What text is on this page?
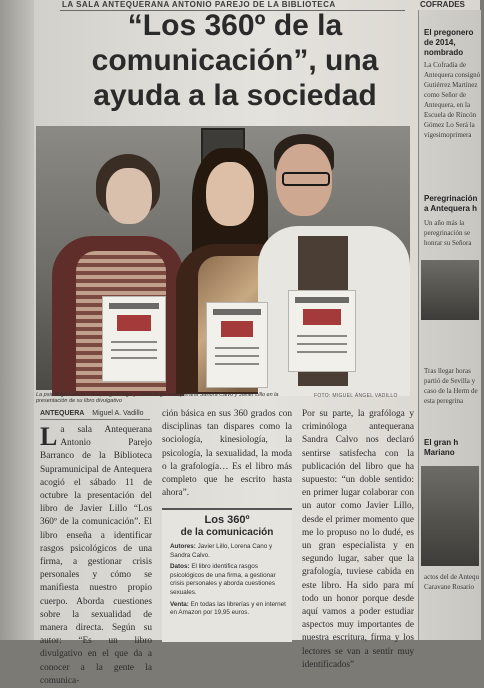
LA SALA ANTEQUERANA ANTONIO PAREJO DE LA BIBLIOTECA	COFRADES
“Los 360º de la
comunicación”, una
ayuda a la sociedad
La psicóloga Lorena Cano, la grafóloga y criminóloga antequerana Sandra Calvo y Javier Lillo en la presentación de su libro divulgativo
FOTO: MIGUEL ÁNGEL VADILLO
ANTEQUERA Miguel A. Vadillo
L a sala Antequerana Antonio Parejo Barranco de la Biblioteca Supramunicipal de Antequera acogió el sábado 11 de octubre la presentación del libro de Javier Lillo “Los 360º de la comunicación”. El libro enseña a identificar rasgos psicológicos de una firma, a gestionar crisis personales y cómo se manifiesta nuestro propio cuerpo. Aborda cuestiones sobre la sexualidad de manera directa. Según su autor: “Es un libro divulgativo en el que da a conocer a la gente la comunica-
ción básica en sus 360 grados con disciplinas tan dispares como la sociología, kinesiología, la psicología, la sexualidad, la moda o la grafología… Es el libro más completo que he escrito hasta ahora”.
Los 360º
de la comunicación
Autores: Javier Lillo, Lorena Cano y Sandra Calvo.
Datos: El libro identifica rasgos psicológicos de una firma, a gestionar crisis personales y aborda cuestiones sexuales.
Venta: En todas las librerías y en internet en Amazon por 19,95 euros.
Por su parte, la grafóloga y criminóloga antequerana Sandra Calvo nos declaró sentirse satisfecha con la publicación del libro que ha supuesto: “un doble sentido: en primer lugar colaborar con un autor como Javier Lillo, desde el primer momento que me lo propuso no lo dudé, es un gran especialista y en segundo lugar, saber que la grafología, tuviese cabida en este libro. Ha sido para mí todo un honor porque desde aquí vamos a poder estudiar aspectos muy importantes de nuestra escritura, firma y los lectores se van a sentir muy identificados”
El pregonero de 2014, nombrado
La Cofradía de Antequera consignó Gutiérrez Martínez como Señor de Antequera, en la Escuela de Rincón Gómez Lo Será la vigesimoprimera
Peregrinación a Antequera h
Un año más la peregrinación se honrar su Señora
Tras llegar horas partió de Sevilla y caso de la Herm de esta peregrina
El gran h Mariano
actos del de Antequ Caravane Rosario
